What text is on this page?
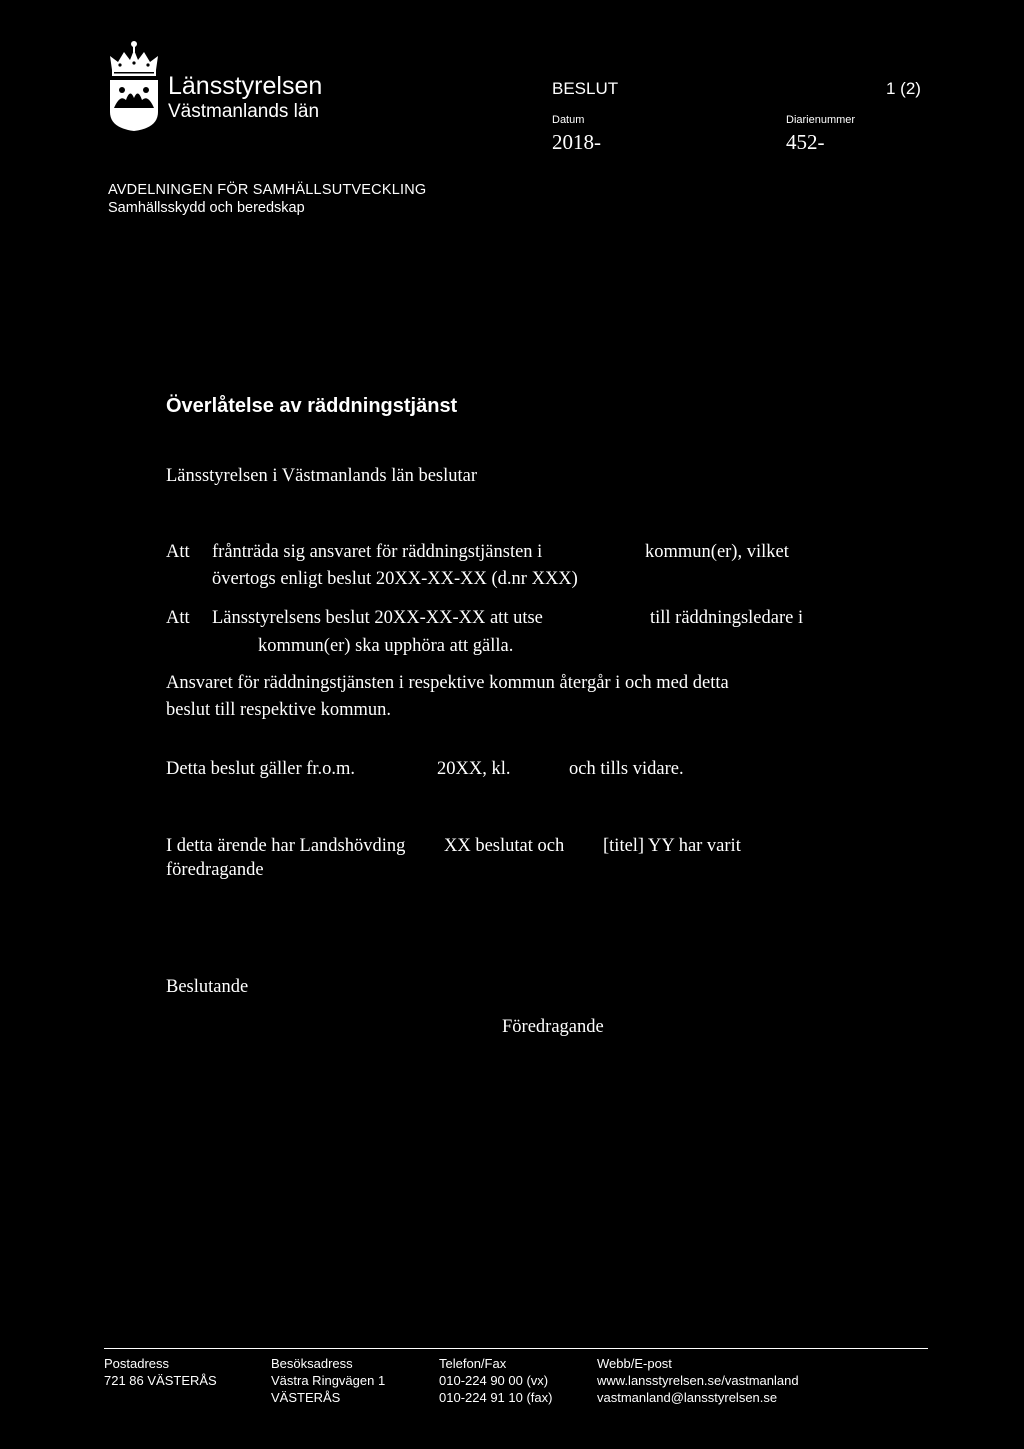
Länsstyrelsen
Västmanlands län
BESLUT	1 (2)
Datum
2018-
Diarienummer
452-
AVDELNINGEN FÖR SAMHÄLLSUTVECKLING
Samhällsskydd och beredskap
Överlåtelse av räddningstjänst
Länsstyrelsen i Västmanlands län beslutar
Att frånträda sig ansvaret för räddningstjänsten i	kommun(er), vilket
övertogs enligt beslut 20XX-XX-XX (d.nr XXX)
Att Länsstyrelsens beslut 20XX-XX-XX att utse	till räddningsledare i
kommun(er) ska upphöra att gälla.
Ansvaret för räddningstjänsten i respektive kommun återgår i och med detta
beslut till respektive kommun.
Detta beslut gäller fr.o.m.	20XX, kl.	och tills vidare.
I detta ärende har Landshövding XX beslutat och [titel] YY har varit
föredragande
Beslutande
Föredragande
Postadress
721 86 VÄSTERÅS
Besöksadress
Västra Ringvägen 1
VÄSTERÅS
Telefon/Fax
010-224 90 00 (vx)
010-224 91 10 (fax)
Webb/E-post
www.lansstyrelsen.se/vastmanland
vastmanland@lansstyrelsen.se
